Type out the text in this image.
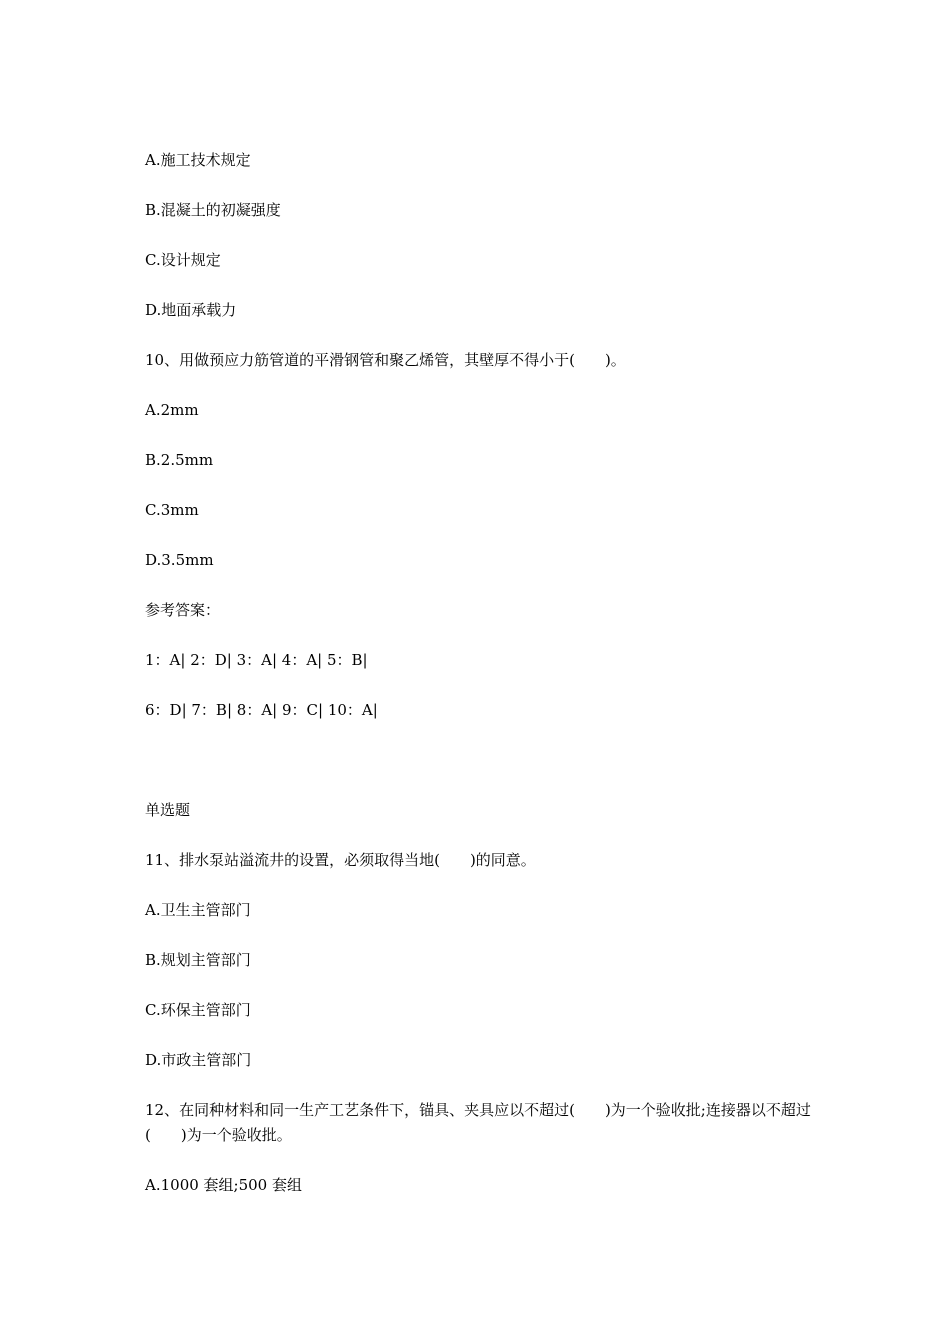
A.施工技术规定

B.混凝土的初凝强度

C.设计规定

D.地面承载力

10、用做预应力筋管道的平滑钢管和聚乙烯管，其壁厚不得小于(　　)。

A.2mm

B.2.5mm

C.3mm

D.3.5mm

参考答案：

1：A| 2：D| 3：A| 4：A| 5：B|

6：D| 7：B| 8：A| 9：C| 10：A|

单选题

11、排水泵站溢流井的设置，必须取得当地(　　)的同意。

A.卫生主管部门

B.规划主管部门

C.环保主管部门

D.市政主管部门

12、在同种材料和同一生产工艺条件下，锚具、夹具应以不超过(　　)为一个验收批;连接器以不超过(　　)为一个验收批。

A.1000 套组;500 套组
